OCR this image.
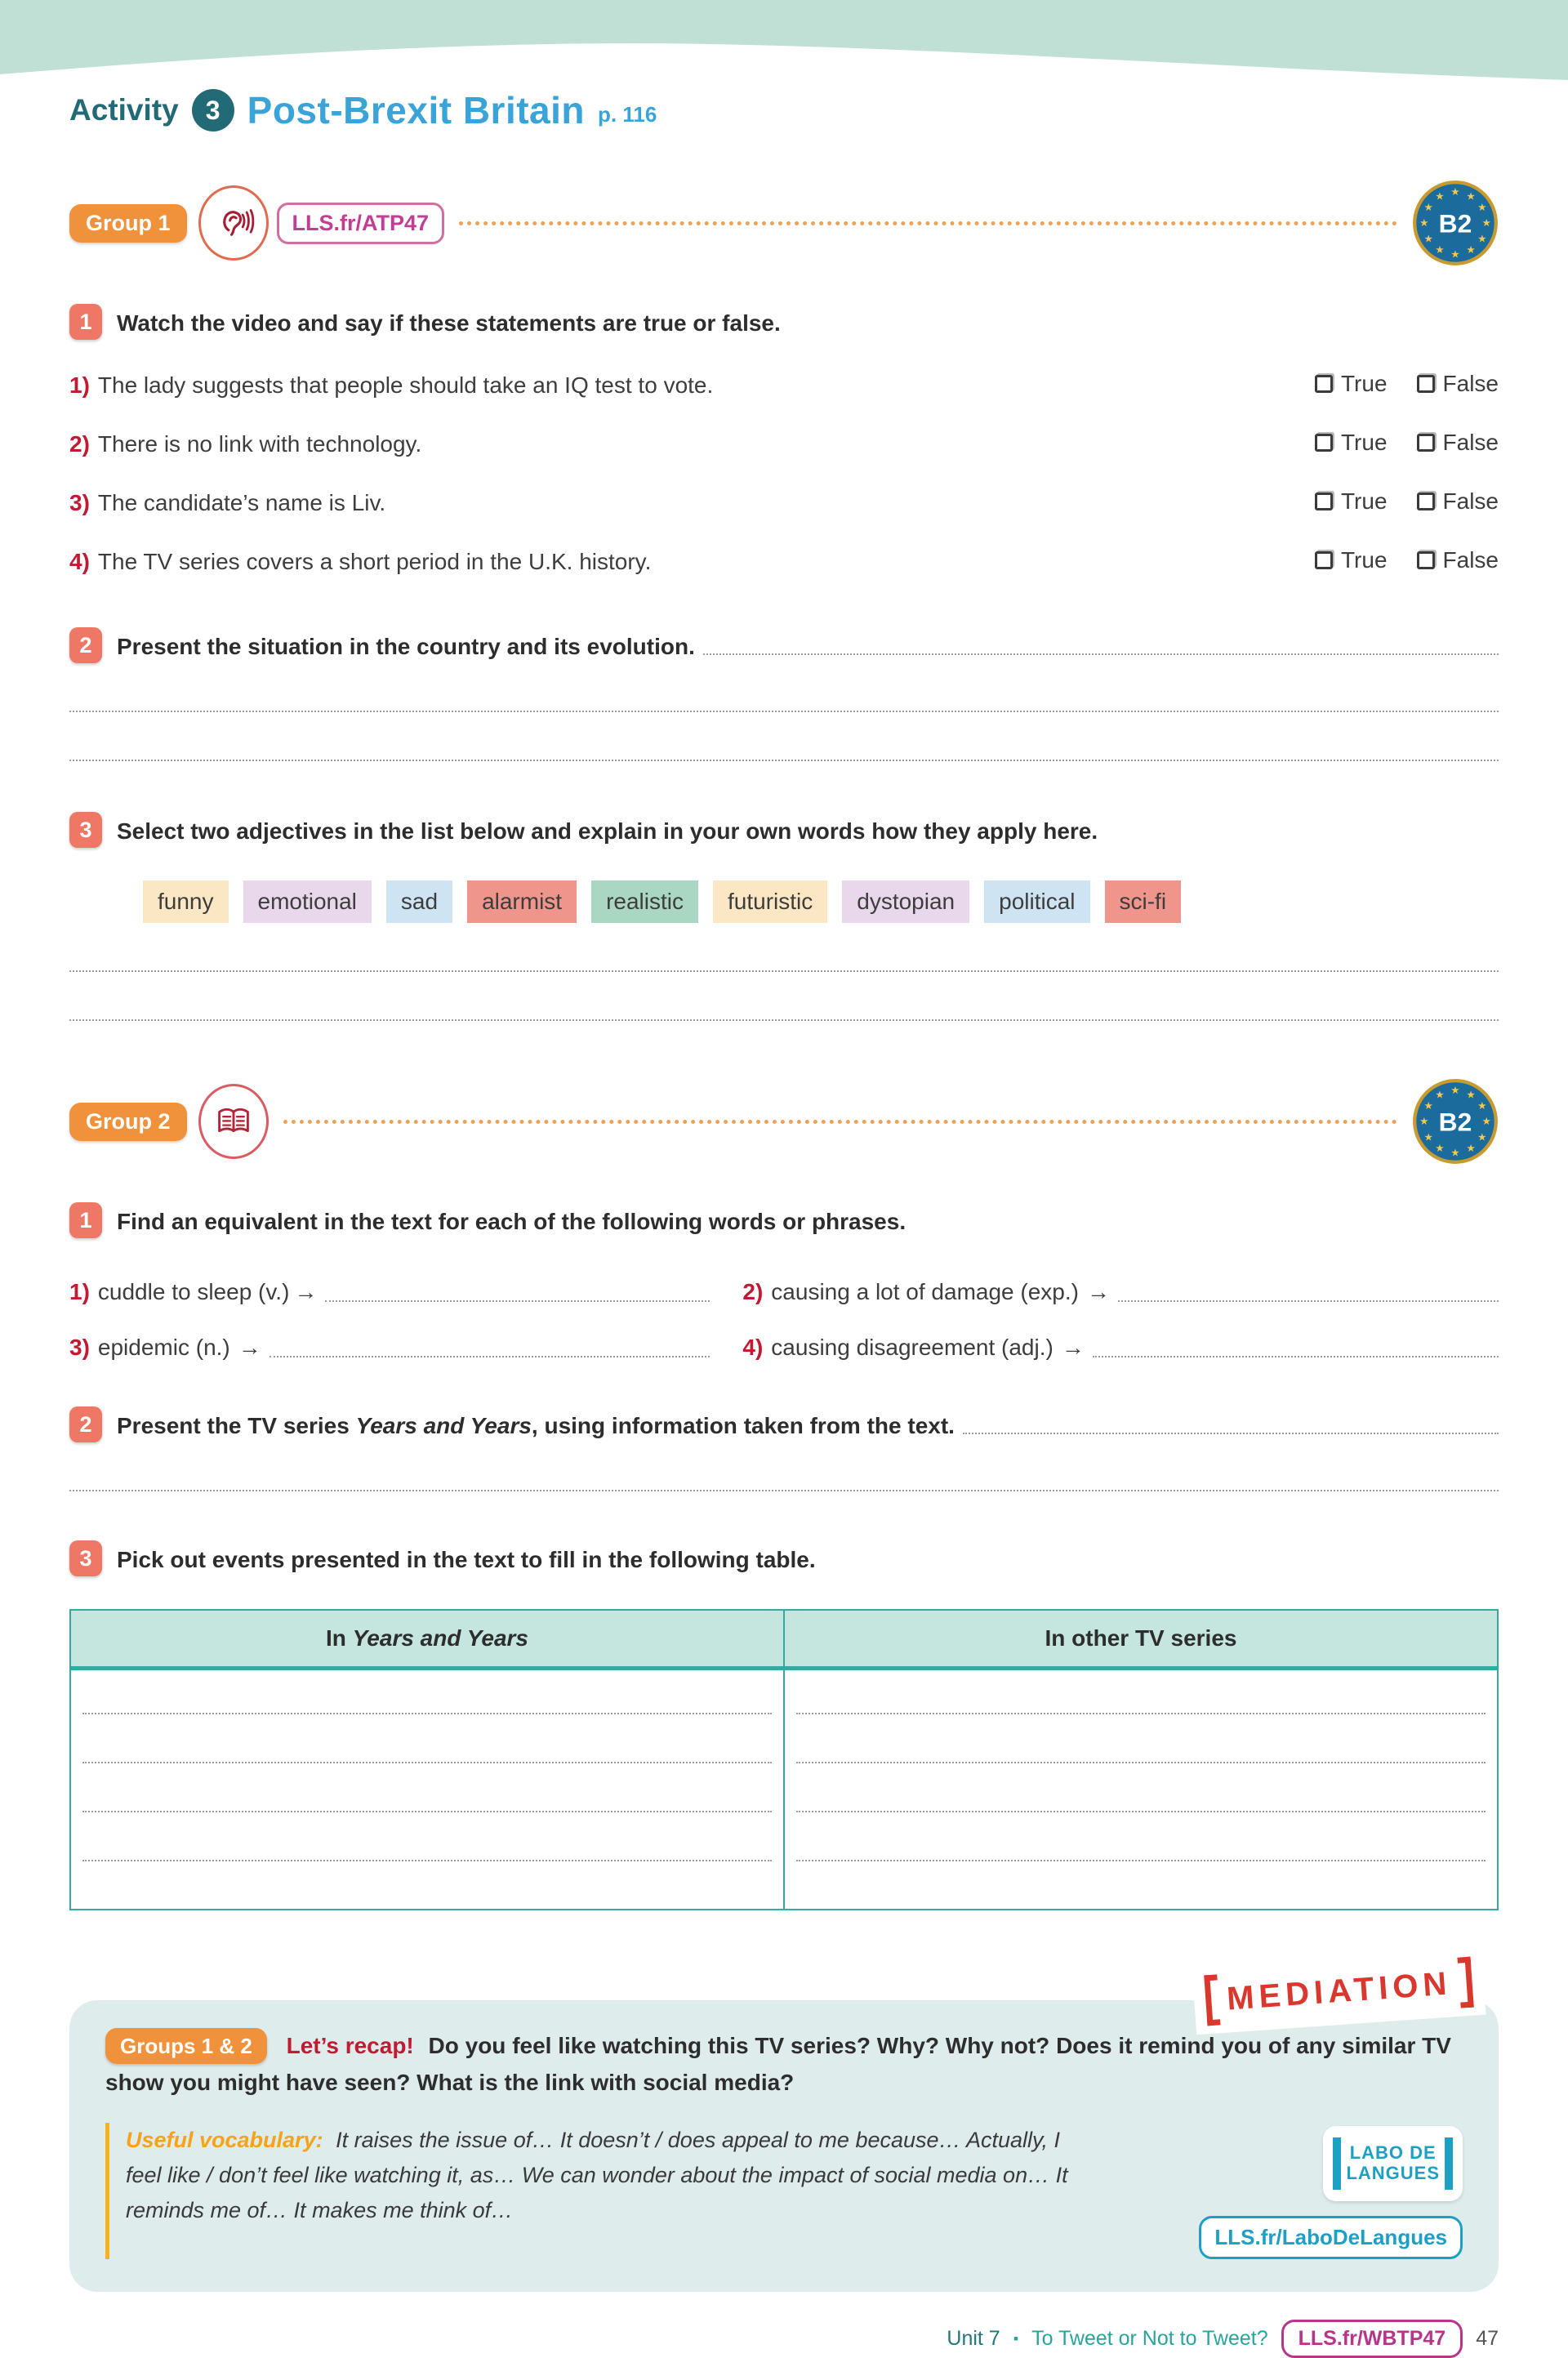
Activity	3 Post-Brexit Britain p. 116
Group 1	LLS.fr/ATP47
★ ★
★
★
★
★
★
★
★
★
★
★
B2
1	Watch the video and say if these statements are true or false.
1) The lady suggests that people should take an IQ test to vote.	True False
2) There is no link with technology.	True False
3) The candidate’s name is Liv.	True False
4) The TV series covers a short period in the U.K. history.	True False
2	Present the situation in the country and its evolution.
3	Select two adjectives in the list below and explain in your own words how they apply here.
funny	emotional	sad	alarmist	realistic	futuristic	dystopian	political	sci-fi
Group 2
★ ★
★
★
★
★
★
★
★
★
★
★
B2
1	Find an equivalent in the text for each of the following words or phrases.
1) cuddle to sleep (v.) →	2) causing a lot of damage (exp.) →
3) epidemic (n.) →	4) causing disagreement (adj.) →
2	Present the TV series Years and Years, using information taken from the text.
3	Pick out events presented in the text to fill in the following table.
In Years and Years	In other TV series

MEDIATION
Groups 1 & 2 Let’s recap! Do you feel like watching this TV series? Why? Why not? Does it remind you of any similar TV show you might have seen? What is the link with social media?
Useful vocabulary: It raises the issue of… It doesn’t / does appeal to me because… Actually, I feel like / don’t feel like watching it, as… We can wonder about the impact of social media on… It reminds me of… It makes me think of…
LABO DE
LANGUES
LLS.fr/LaboDeLangues
Unit 7 ▪ To Tweet or Not to Tweet?	LLS.fr/WBTP47	47
